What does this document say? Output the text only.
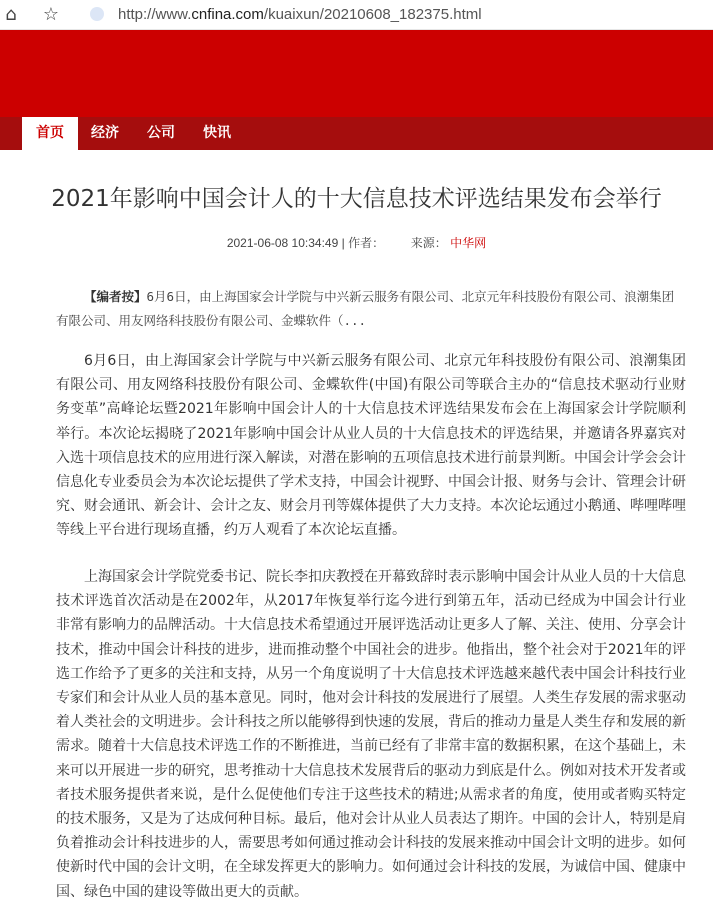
⌂ ☆	http://www.cnfina.com/kuaixun/20210608_182375.html
首页	经济	公司	快讯
2021年影响中国会计人的十大信息技术评选结果发布会举行
2021-06-08 10:34:49 | 作者： 来源： 中华网
【编者按】6月6日，由上海国家会计学院与中兴新云服务有限公司、北京元年科技股份有限公司、浪潮集团有限公司、用友网络科技股份有限公司、金蝶软件（...

6月6日，由上海国家会计学院与中兴新云服务有限公司、北京元年科技股份有限公司、浪潮集团有限公司、用友网络科技股份有限公司、金蝶软件(中国)有限公司等联合主办的“信息技术驱动行业财务变革”高峰论坛暨2021年影响中国会计人的十大信息技术评选结果发布会在上海国家会计学院顺利举行。本次论坛揭晓了2021年影响中国会计从业人员的十大信息技术的评选结果，并邀请各界嘉宾对入选十项信息技术的应用进行深入解读，对潜在影响的五项信息技术进行前景判断。中国会计学会会计信息化专业委员会为本次论坛提供了学术支持，中国会计视野、中国会计报、财务与会计、管理会计研究、财会通讯、新会计、会计之友、财会月刊等媒体提供了大力支持。本次论坛通过小鹅通、哔哩哔哩等线上平台进行现场直播，约万人观看了本次论坛直播。

上海国家会计学院党委书记、院长李扣庆教授在开幕致辞时表示影响中国会计从业人员的十大信息技术评选首次活动是在2002年，从2017年恢复举行迄今进行到第五年，活动已经成为中国会计行业非常有影响力的品牌活动。十大信息技术希望通过开展评选活动让更多人了解、关注、使用、分享会计技术，推动中国会计科技的进步，进而推动整个中国社会的进步。他指出，整个社会对于2021年的评选工作给予了更多的关注和支持，从另一个角度说明了十大信息技术评选越来越代表中国会计科技行业专家们和会计从业人员的基本意见。同时，他对会计科技的发展进行了展望。人类生存发展的需求驱动着人类社会的文明进步。会计科技之所以能够得到快速的发展，背后的推动力量是人类生存和发展的新需求。随着十大信息技术评选工作的不断推进，当前已经有了非常丰富的数据积累，在这个基础上，未来可以开展进一步的研究，思考推动十大信息技术发展背后的驱动力到底是什么。例如对技术开发者或者技术服务提供者来说，是什么促使他们专注于这些技术的精进;从需求者的角度，使用或者购买特定的技术服务，又是为了达成何种目标。最后，他对会计从业人员表达了期许。中国的会计人，特别是肩负着推动会计科技进步的人，需要思考如何通过推动会计科技的发展来推动中国会计文明的进步。如何使新时代中国的会计文明，在全球发挥更大的影响力。如何通过会计科技的发展，为诚信中国、健康中国、绿色中国的建设等做出更大的贡献。
